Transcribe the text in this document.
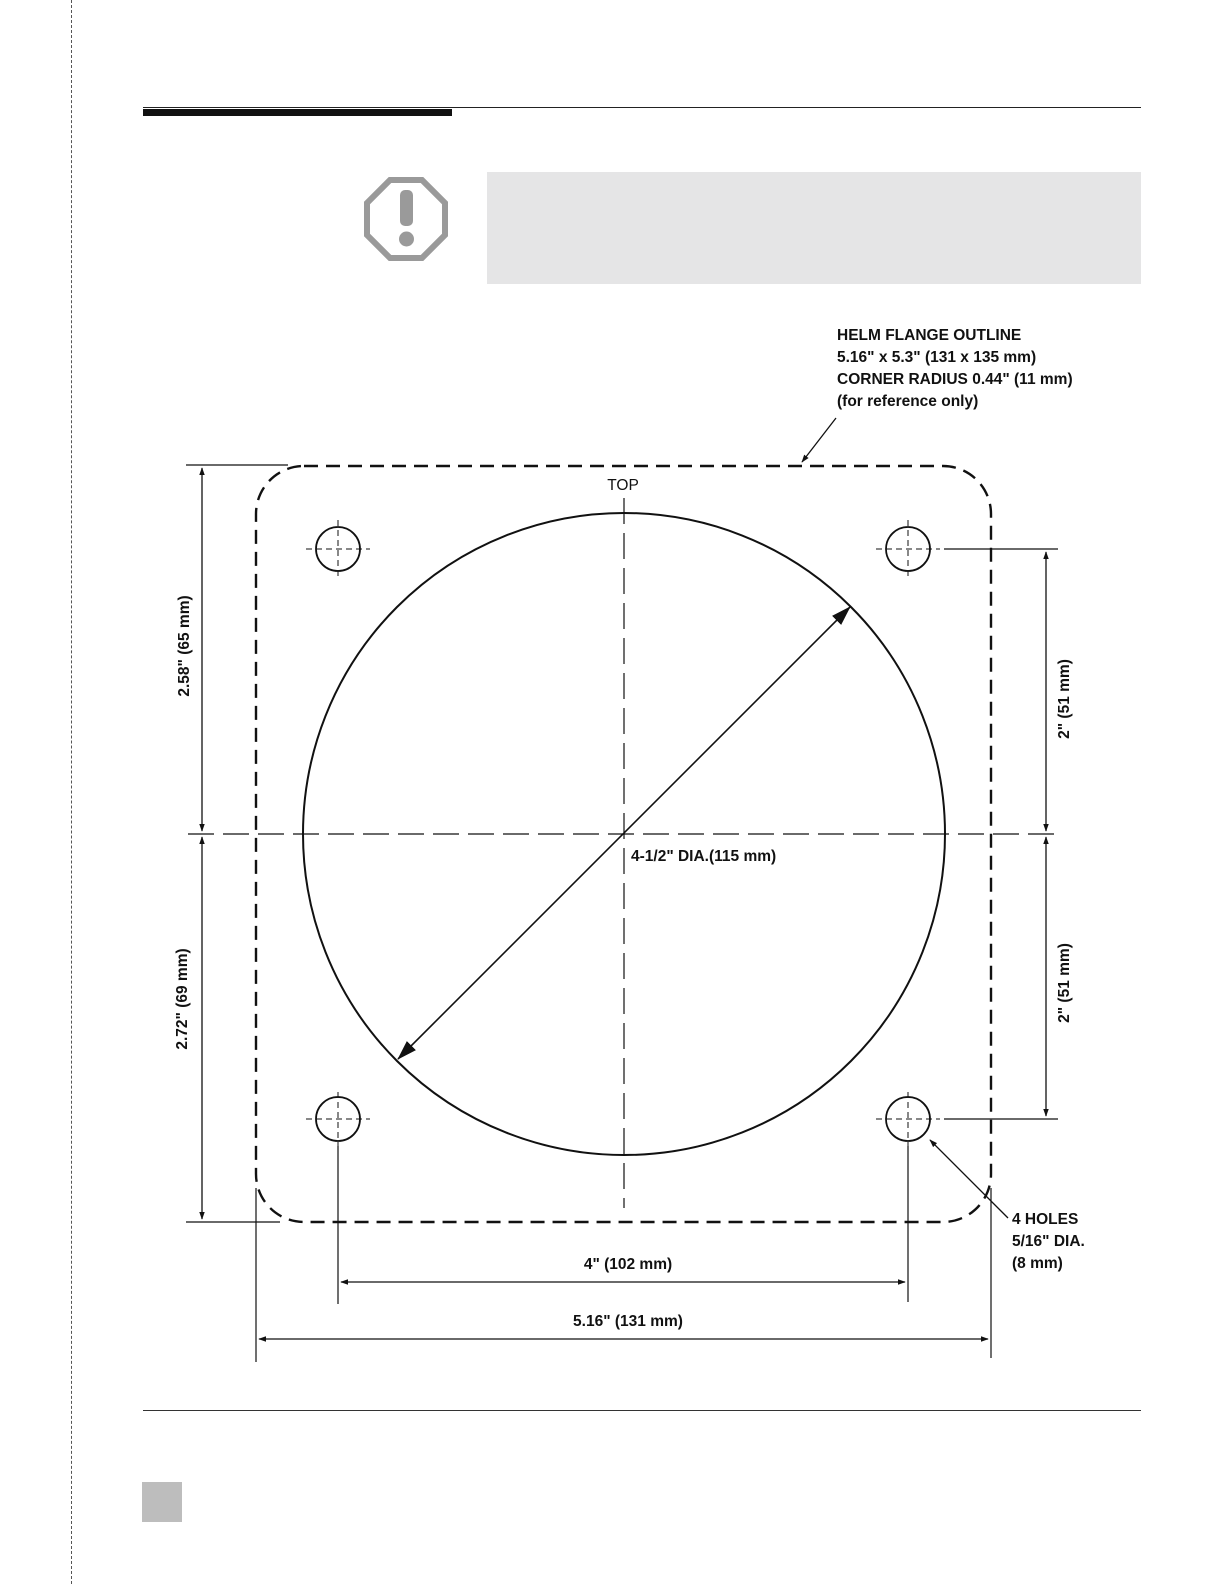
HELM FLANGE OUTLINE
5.16" x 5.3" (131 x 135 mm)
CORNER RADIUS 0.44" (11 mm)
(for reference only)
TOP
4-1/2" DIA.(115 mm)
2.58" (65 mm)
2.72" (69 mm)
2" (51 mm)
2" (51 mm)
4 HOLES
5/16" DIA.
(8 mm)
4" (102 mm)
5.16" (131 mm)
